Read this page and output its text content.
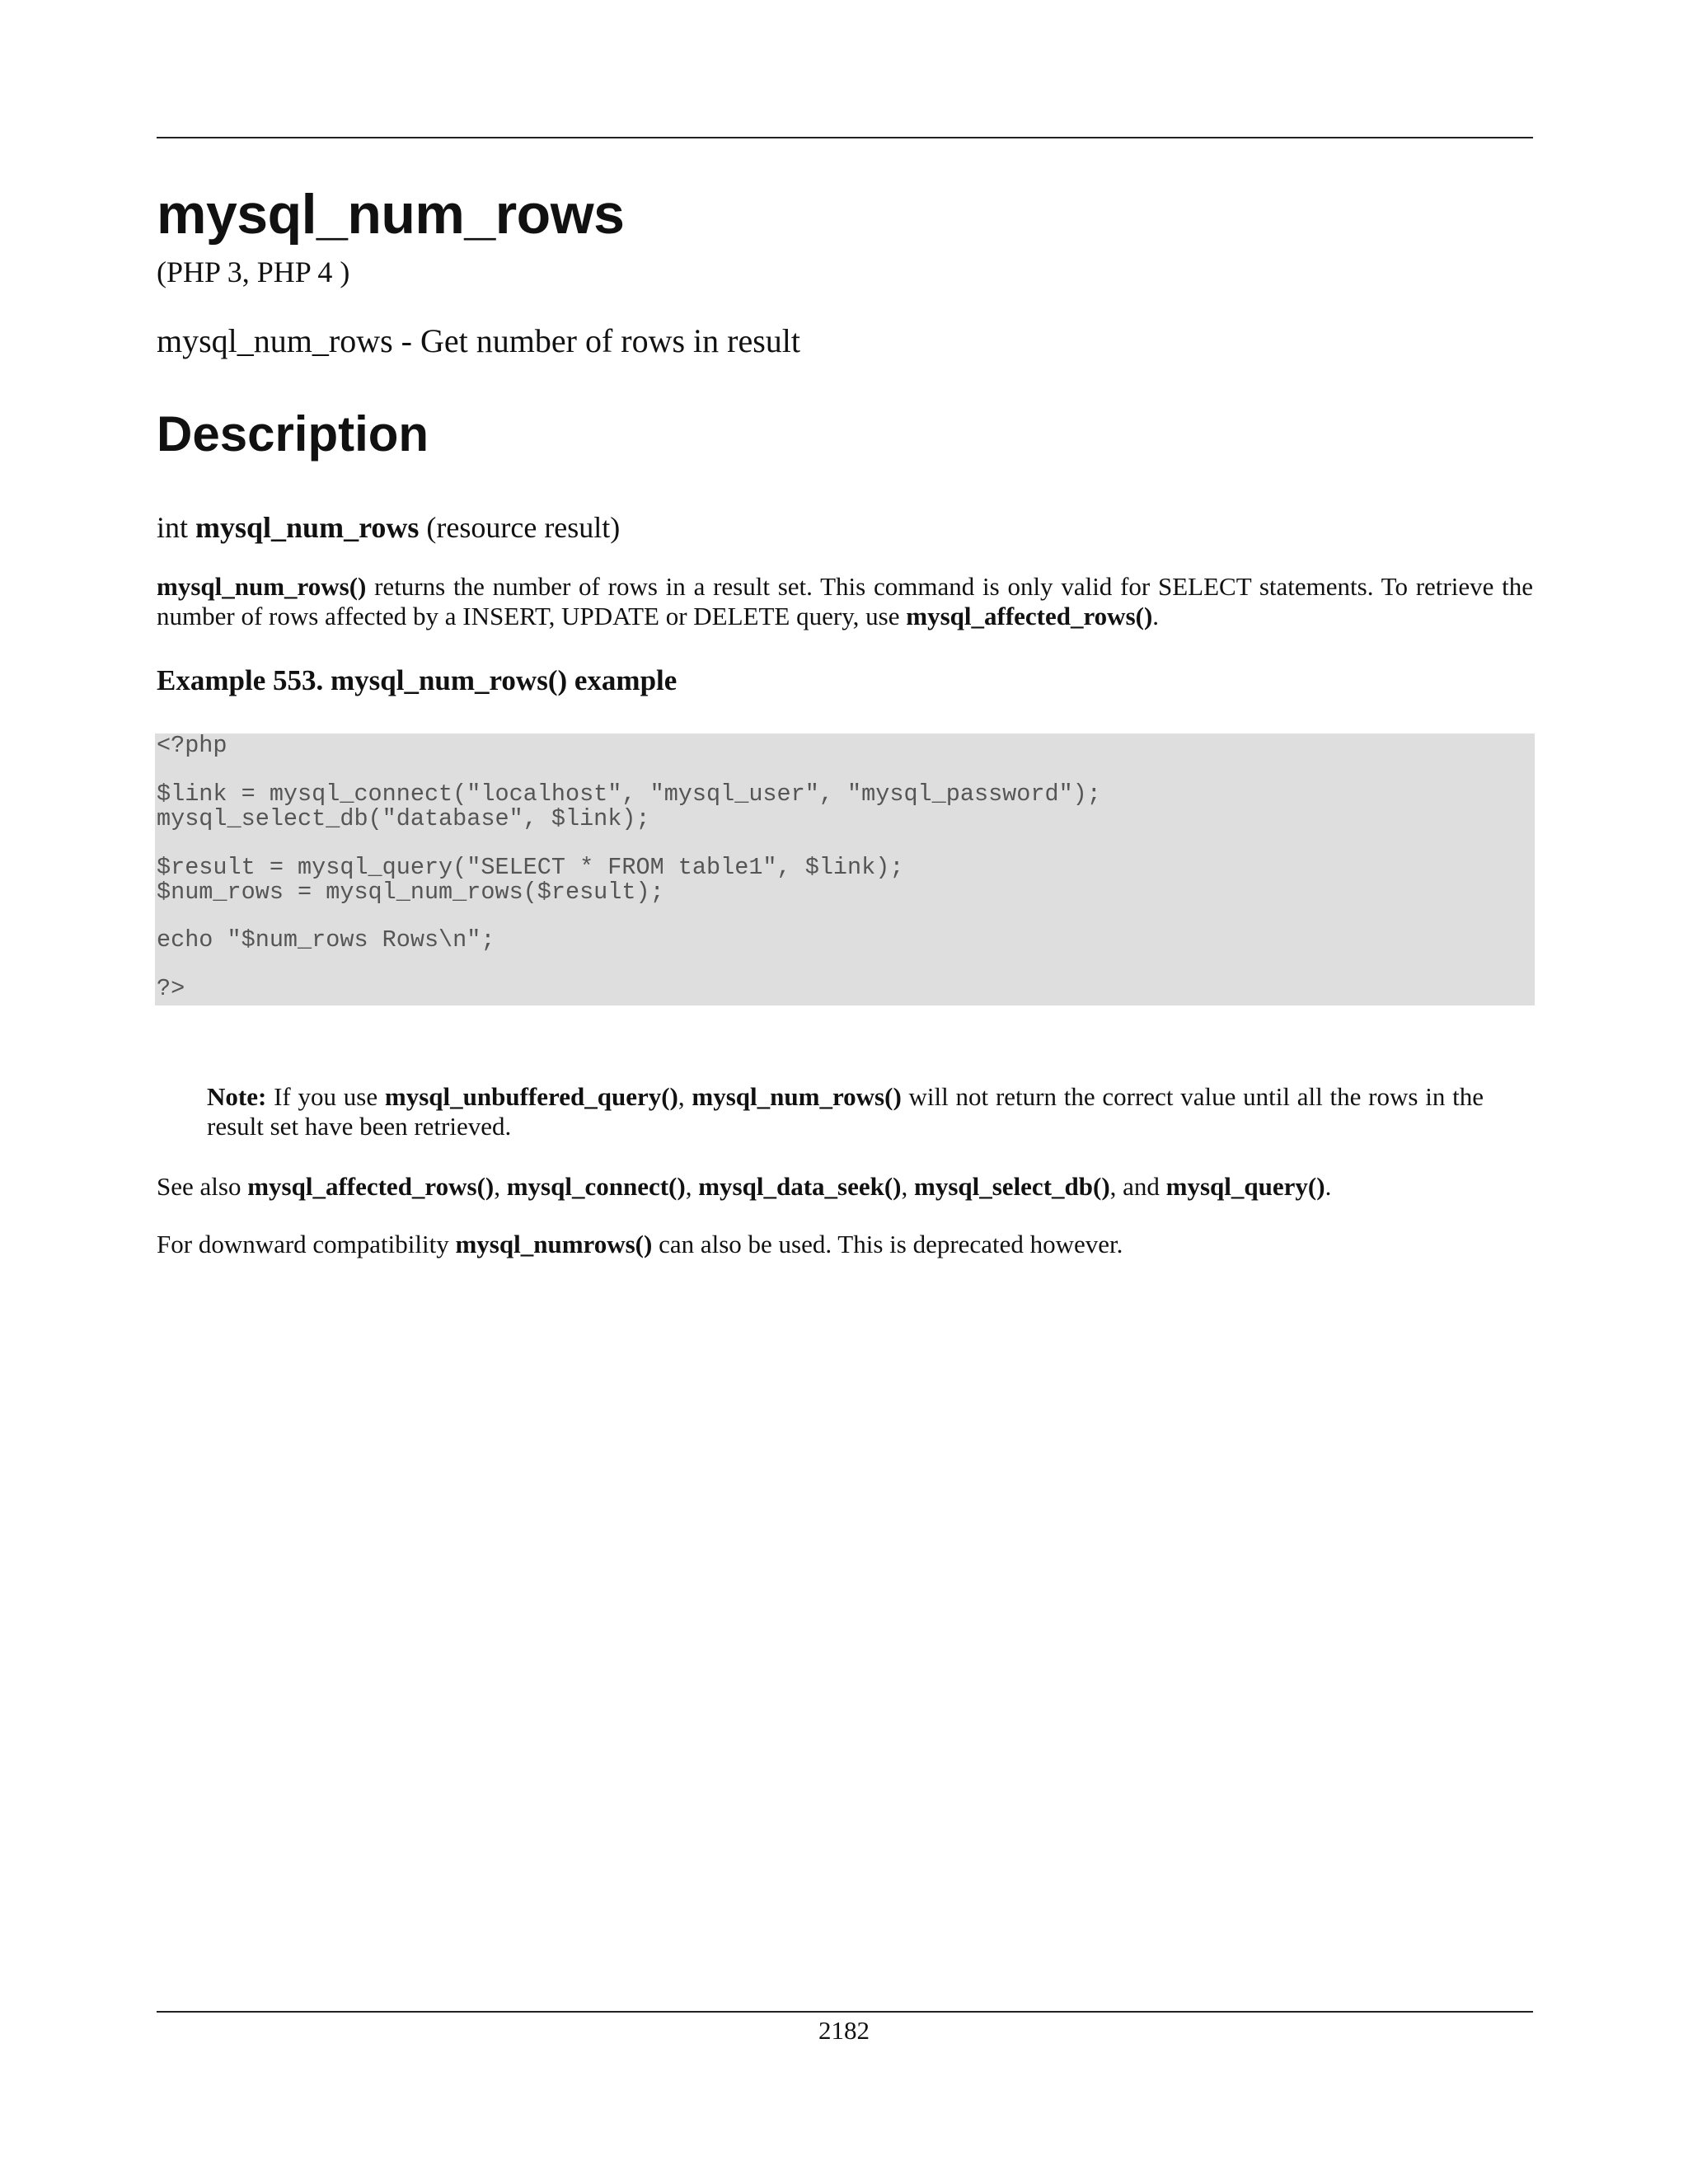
mysql_num_rows
(PHP 3, PHP 4 )
mysql_num_rows - Get number of rows in result
Description
int mysql_num_rows (resource result)
mysql_num_rows() returns the number of rows in a result set. This command is only valid for SELECT statements. To retrieve the number of rows affected by a INSERT, UPDATE or DELETE query, use mysql_affected_rows().
Example 553. mysql_num_rows() example
<?php
$link = mysql_connect("localhost", "mysql_user", "mysql_password");
mysql_select_db("database", $link);
$result = mysql_query("SELECT * FROM table1", $link);
$num_rows = mysql_num_rows($result);
echo "$num_rows Rows\n";
?>
Note: If you use mysql_unbuffered_query(), mysql_num_rows() will not return the correct value until all the rows in the result set have been retrieved.
See also mysql_affected_rows(), mysql_connect(), mysql_data_seek(), mysql_select_db(), and mysql_query().
For downward compatibility mysql_numrows() can also be used. This is deprecated however.
2182
